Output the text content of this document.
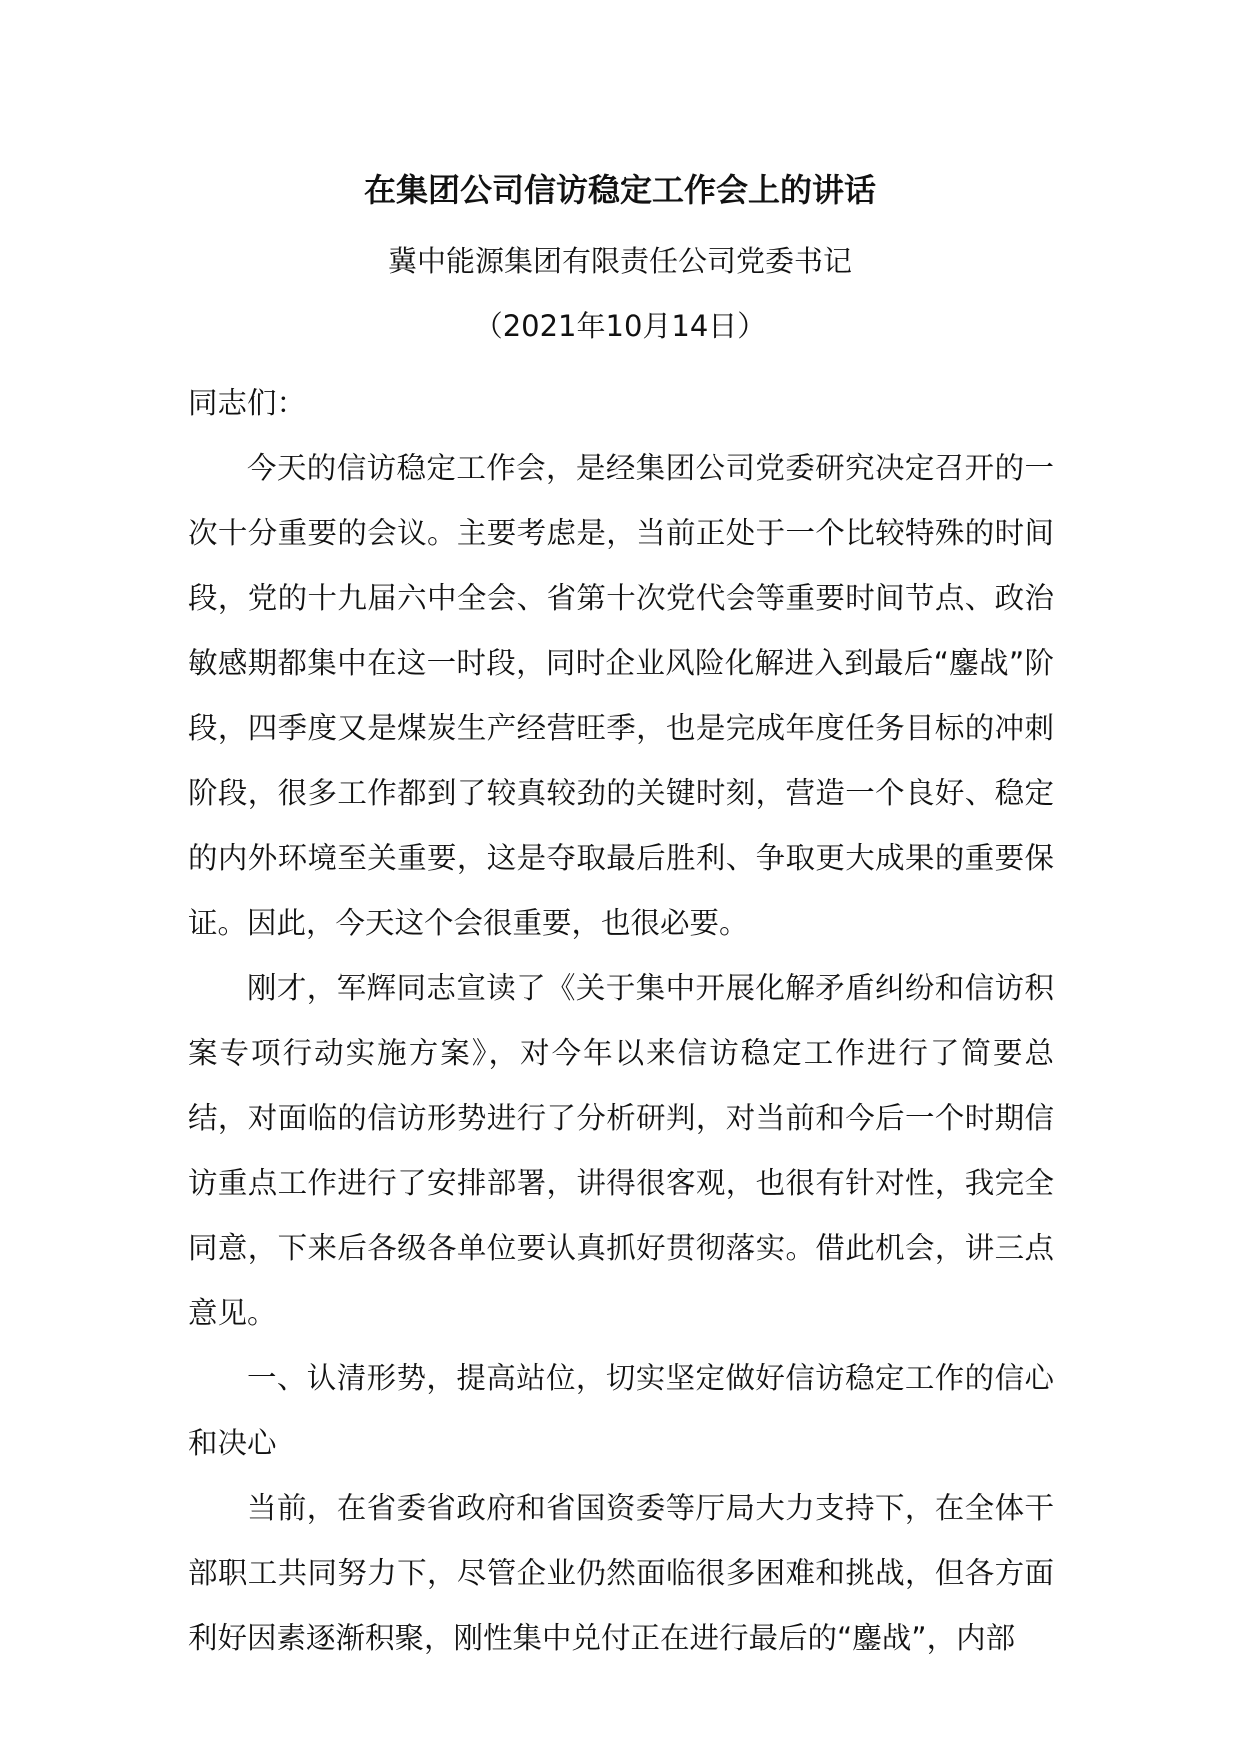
在集团公司信访稳定工作会上的讲话
冀中能源集团有限责任公司党委书记
（2021年10月14日）

同志们：

今天的信访稳定工作会，是经集团公司党委研究决定召开的一次十分重要的会议。主要考虑是，当前正处于一个比较特殊的时间段，党的十九届六中全会、省第十次党代会等重要时间节点、政治敏感期都集中在这一时段，同时企业风险化解进入到最后“鏖战”阶段，四季度又是煤炭生产经营旺季，也是完成年度任务目标的冲刺阶段，很多工作都到了较真较劲的关键时刻，营造一个良好、稳定的内外环境至关重要，这是夺取最后胜利、争取更大成果的重要保证。因此，今天这个会很重要，也很必要。

刚才，军辉同志宣读了《关于集中开展化解矛盾纠纷和信访积案专项行动实施方案》，对今年以来信访稳定工作进行了简要总结，对面临的信访形势进行了分析研判，对当前和今后一个时期信访重点工作进行了安排部署，讲得很客观，也很有针对性，我完全同意，下来后各级各单位要认真抓好贯彻落实。借此机会，讲三点意见。

一、认清形势，提高站位，切实坚定做好信访稳定工作的信心和决心

当前，在省委省政府和省国资委等厅局大力支持下，在全体干部职工共同努力下，尽管企业仍然面临很多困难和挑战，但各方面利好因素逐渐积聚，刚性集中兑付正在进行最后的“鏖战”，内部
